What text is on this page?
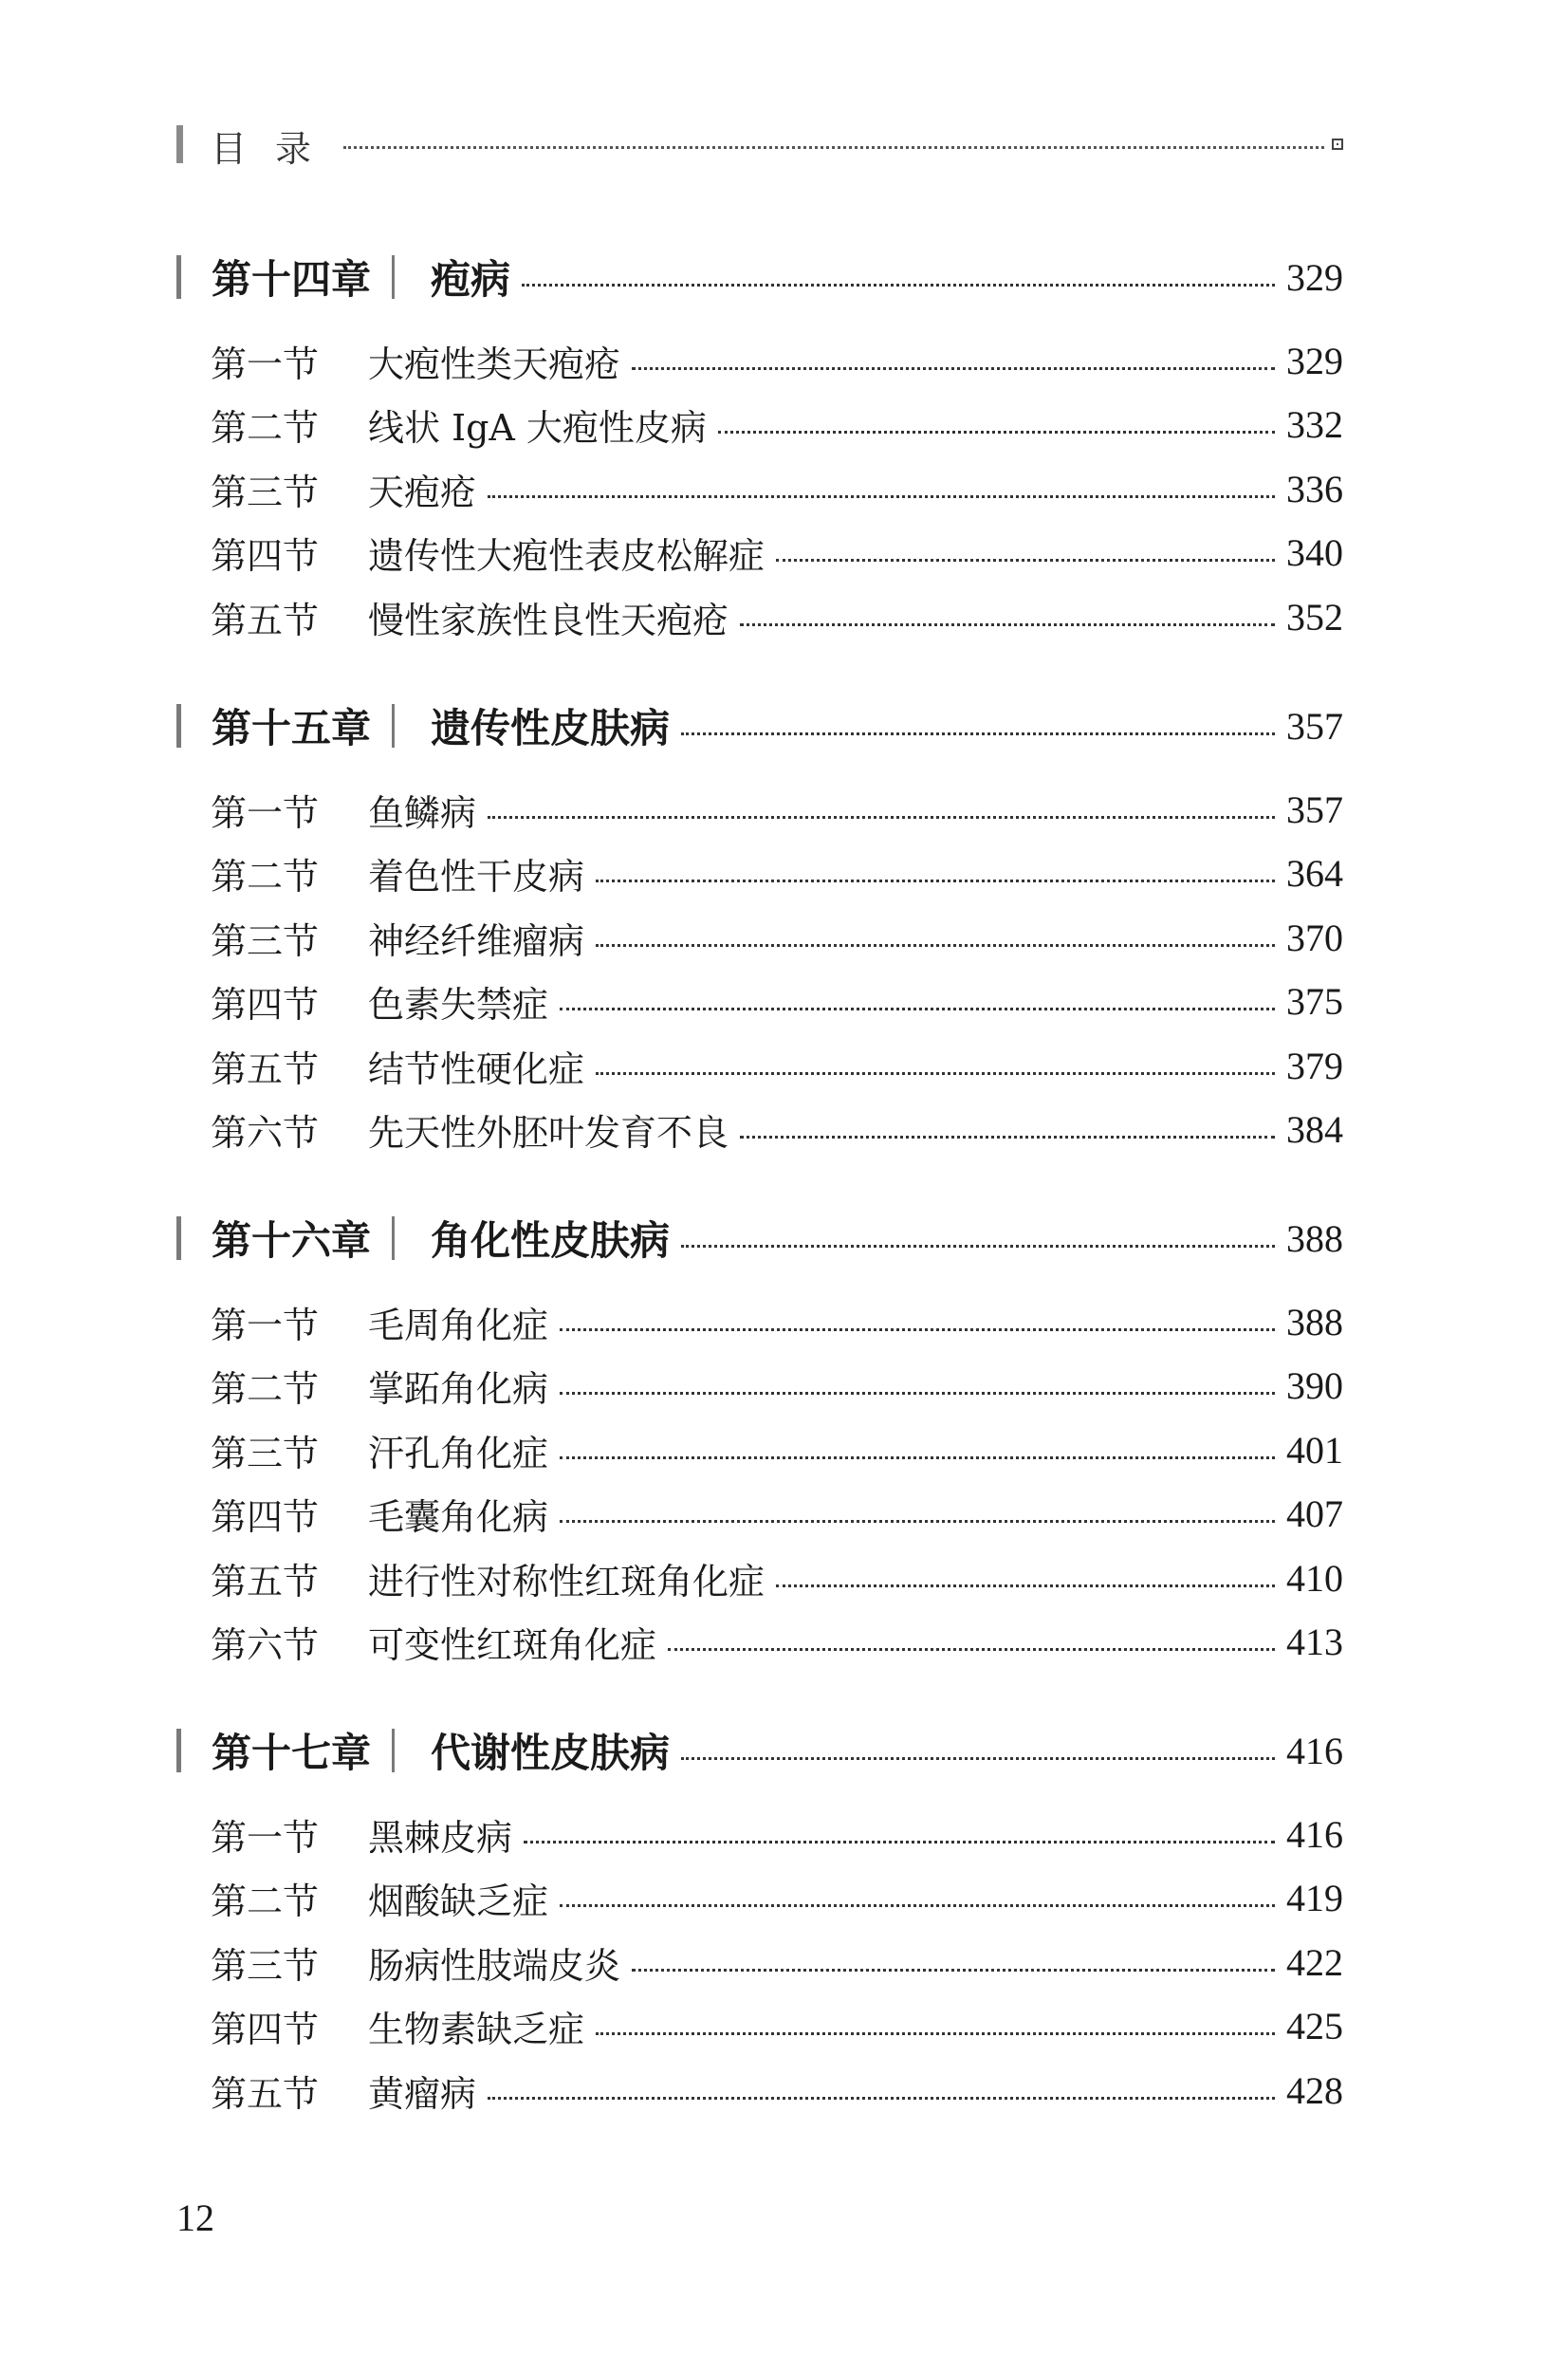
目录
第十四章 疱病	329
第一节	大疱性类天疱疮	329
第二节	线状 IgA 大疱性皮病	332
第三节	天疱疮	336
第四节	遗传性大疱性表皮松解症	340
第五节	慢性家族性良性天疱疮	352
第十五章 遗传性皮肤病	357
第一节	鱼鳞病	357
第二节	着色性干皮病	364
第三节	神经纤维瘤病	370
第四节	色素失禁症	375
第五节	结节性硬化症	379
第六节	先天性外胚叶发育不良	384
第十六章 角化性皮肤病	388
第一节	毛周角化症	388
第二节	掌跖角化病	390
第三节	汗孔角化症	401
第四节	毛囊角化病	407
第五节	进行性对称性红斑角化症	410
第六节	可变性红斑角化症	413
第十七章 代谢性皮肤病	416
第一节	黑棘皮病	416
第二节	烟酸缺乏症	419
第三节	肠病性肢端皮炎	422
第四节	生物素缺乏症	425
第五节	黄瘤病	428
12
